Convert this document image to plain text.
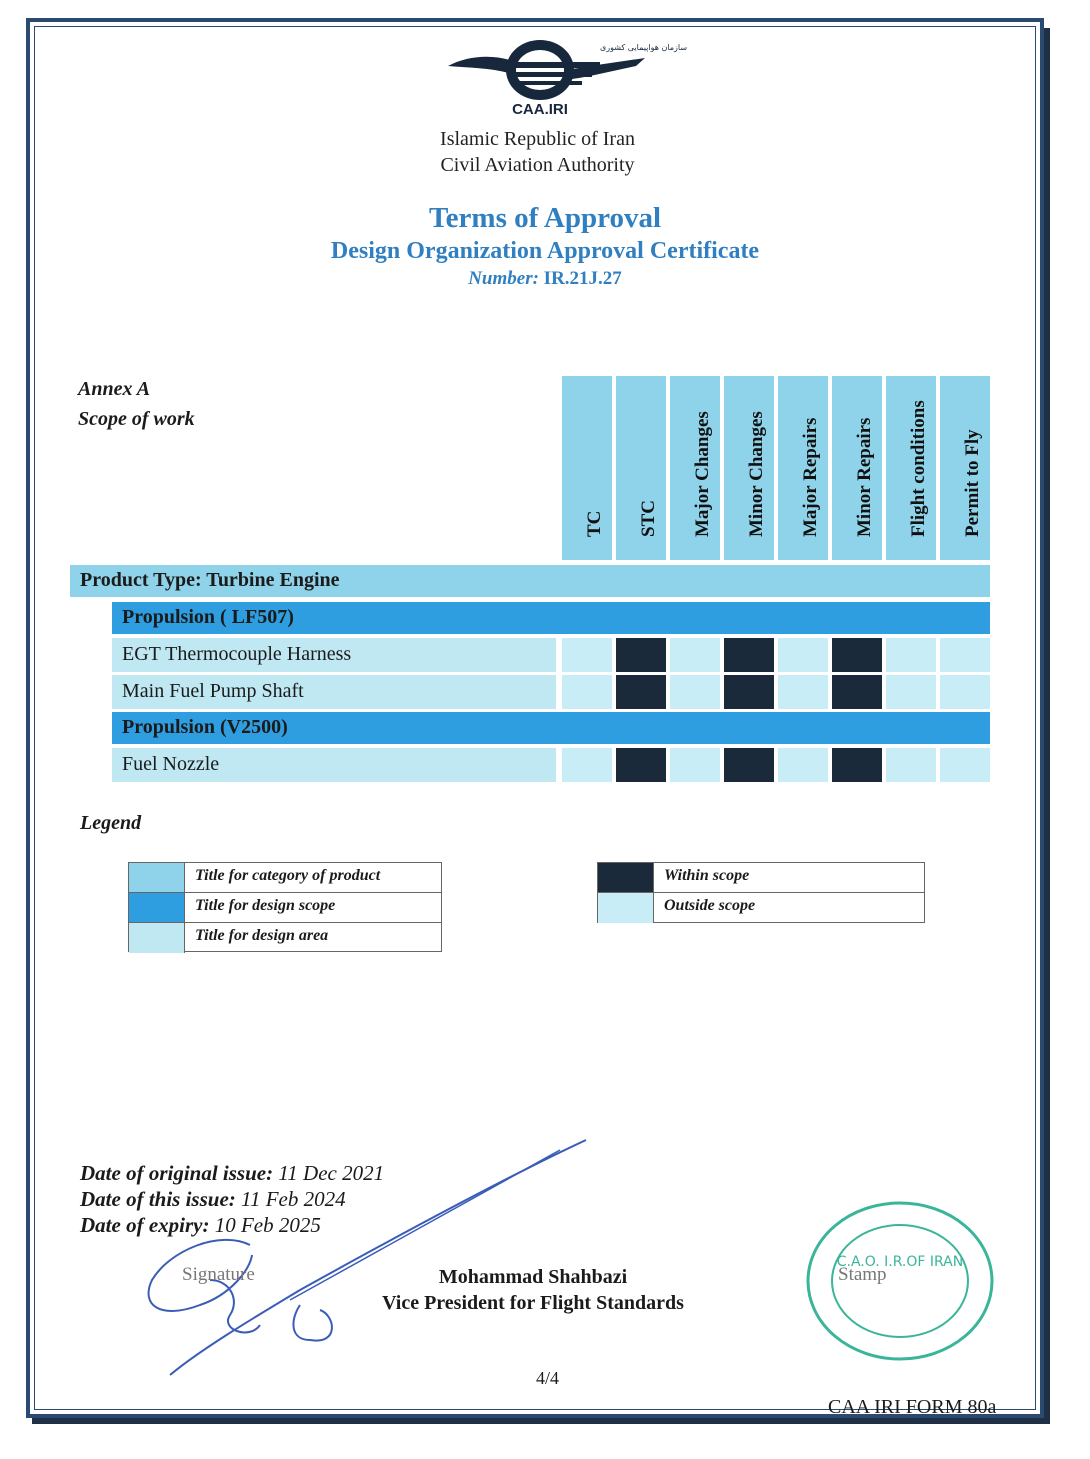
CAA.IRI
سازمان هواپیمایی کشوری
Islamic Republic of Iran
Civil Aviation Authority
Terms of Approval
Design Organization Approval Certificate
Number: IR.21J.27
Annex A
Scope of work
TC STC Major Changes Minor Changes Major Repairs Minor Repairs Flight conditions Permit to Fly
Product Type: Turbine Engine
Propulsion ( LF507)
EGT Thermocouple Harness
Main Fuel Pump Shaft
Propulsion (V2500)
Fuel Nozzle
Legend
Title for category of product
Title for design scope
Title for design area
Within scope
Outside scope
Date of original issue: 11 Dec 2021
Date of this issue: 11 Feb 2024
Date of expiry: 10 Feb 2025
Signature	Mohammad Shahbazi
Vice President for Flight Standards
C.A.O. I.R.OF IRAN
Stamp
4/4
CAA IRI FORM 80a
